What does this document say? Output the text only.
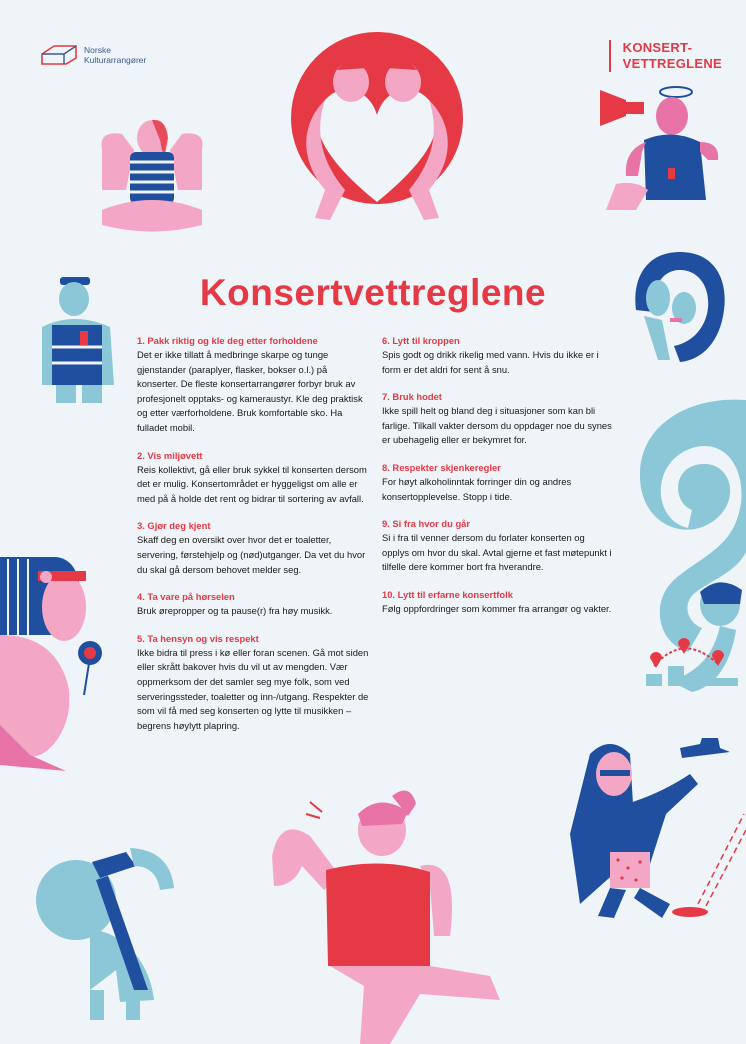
Norske
Kulturarrangører
KONSERT-
VETTREGLENE
Konsertvettreglene
1. Pakk riktig og kle deg etter forholdene

Det er ikke tillatt å medbringe skarpe og tunge gjenstander (paraplyer, flasker, bokser o.l.) på konserter. De fleste konsertarrangører forbyr bruk av profesjonelt opptaks- og kameraustyr. Kle deg praktisk og etter værforholdene. Bruk komfortable sko. Ha fulladet mobil.

2. Vis miljøvett

Reis kollektivt, gå eller bruk sykkel til konserten dersom det er mulig. Konsertområdet er hyggeligst om alle er med på å holde det rent og bidrar til sortering av avfall.

3. Gjør deg kjent

Skaff deg en oversikt over hvor det er toaletter, servering, førstehjelp og (nød)utganger. Da vet du hvor du skal gå dersom behovet melder seg.

4. Ta vare på hørselen

Bruk ørepropper og ta pause(r) fra høy musikk.

5. Ta hensyn og vis respekt

Ikke bidra til press i kø eller foran scenen. Gå mot siden eller skrått bakover hvis du vil ut av mengden. Vær oppmerksom der det samler seg mye folk, som ved serveringssteder, toaletter og inn-/utgang. Respekter de som vil få med seg konserten og lytte til musikken – begrens høylytt plapring.

6. Lytt til kroppen

Spis godt og drikk rikelig med vann. Hvis du ikke er i form er det aldri for sent å snu.

7. Bruk hodet

Ikke spill helt og bland deg i situasjoner som kan bli farlige. Tilkall vakter dersom du oppdager noe du synes er ubehagelig eller er bekymret for.

8. Respekter skjenkeregler

For høyt alkoholinntak forringer din og andres konsertopplevelse. Stopp i tide.

9. Si fra hvor du går

Si i fra til venner dersom du forlater konserten og opplys om hvor du skal. Avtal gjerne et fast møtepunkt i tilfelle dere kommer bort fra hverandre.

10. Lytt til erfarne konsertfolk

Følg oppfordringer som kommer fra arrangør og vakter.
